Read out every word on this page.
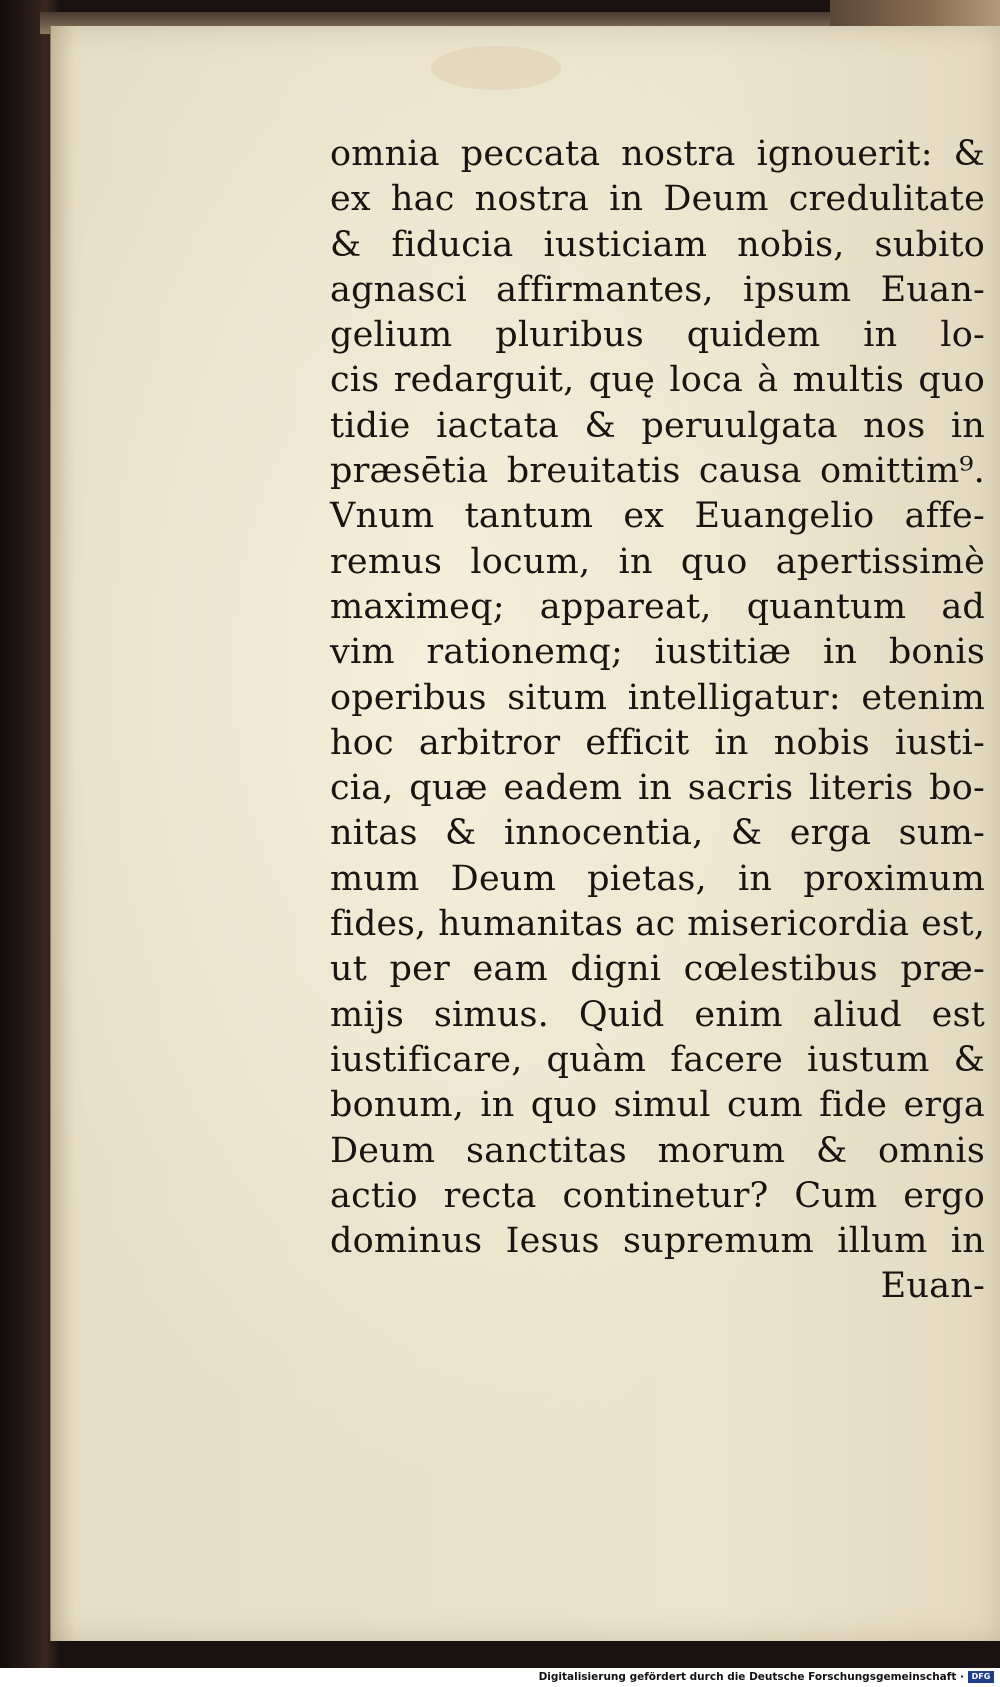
omnia peccata nostra ignouerit: &
ex hac nostra in Deum credulitate
& fiducia iusticiam nobis, subito
agnasci affirmantes, ipsum Euan-
gelium pluribus quidem in lo-
cis redarguit, quę loca à multis quo
tidie iactata & peruulgata nos in
præsētia breuitatis causa omittim⁹.
Vnum tantum ex Euangelio affe-
remus locum, in quo apertissimè
maximeq; appareat, quantum ad
vim rationemq; iustitiæ in bonis
operibus situm intelligatur: etenim
hoc arbitror efficit in nobis iusti-
cia, quæ eadem in sacris literis bo-
nitas & innocentia, & erga sum-
mum Deum pietas, in proximum
fides, humanitas ac misericordia est,
ut per eam digni cœlestibus præ-
mijs simus. Quid enim aliud est
iustificare, quàm facere iustum &
bonum, in quo simul cum fide erga
Deum sanctitas morum & omnis
actio recta continetur? Cum ergo
dominus Iesus supremum illum in
Euan-
Digitalisierung gefördert durch die Deutsche Forschungsgemeinschaft · DFG
